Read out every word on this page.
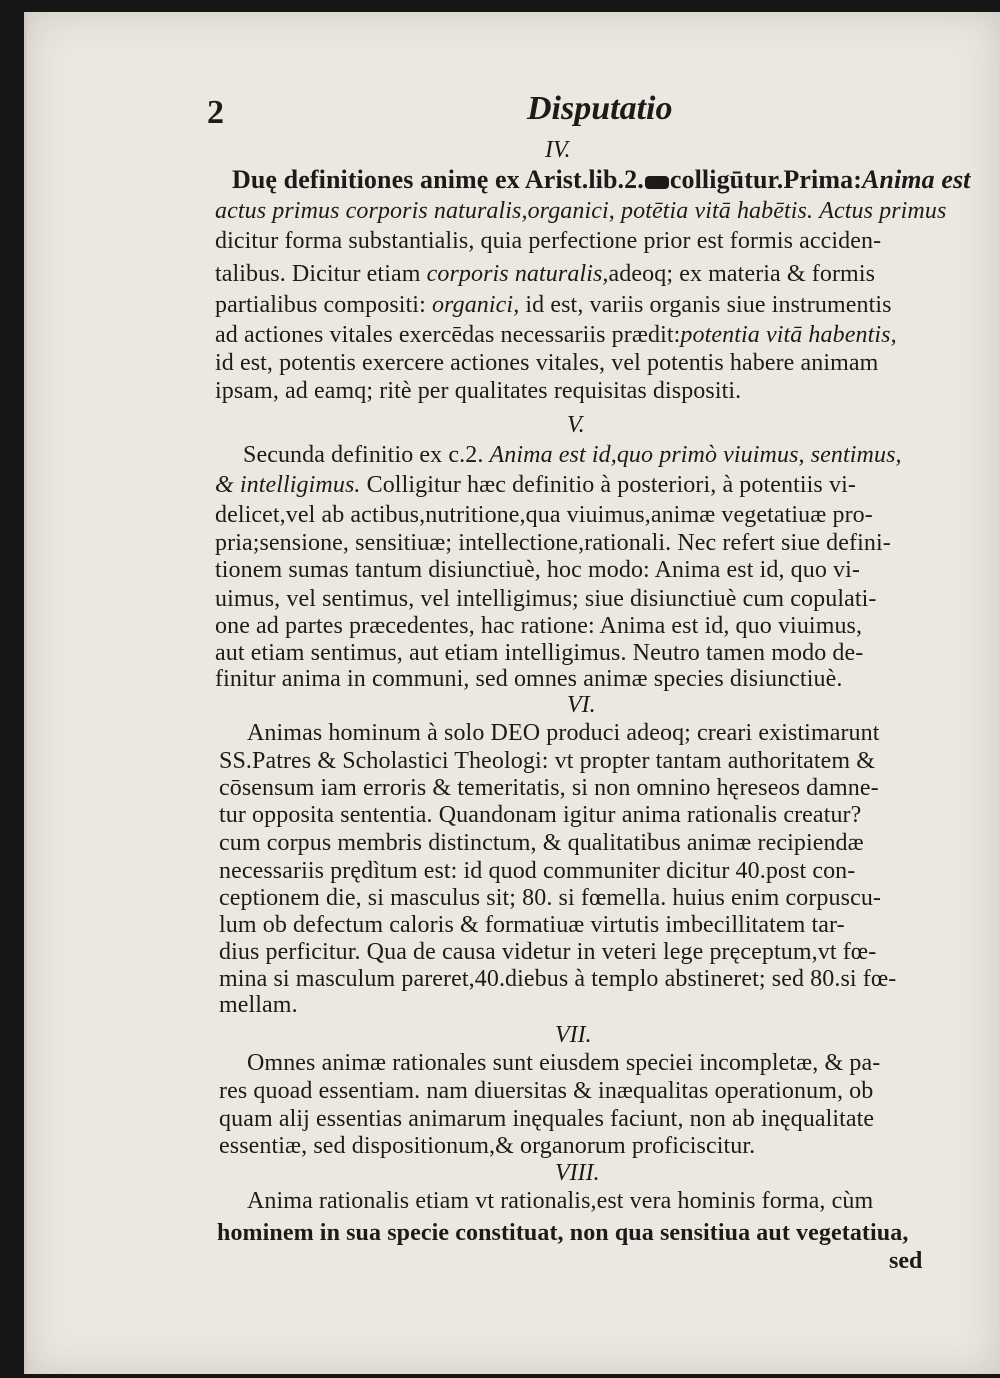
2	Disputatio
IV.
Duę definitiones animę ex Arist.lib.2. colligūtur.Prima:Anima est
actus primus corporis naturalis,organici, potētia vitā habētis. Actus primus
dicitur forma substantialis, quia perfectione prior est formis acciden-
talibus. Dicitur etiam corporis naturalis,adeoq; ex materia & formis
partialibus compositi: organici, id est, variis organis siue instrumentis
ad actiones vitales exercēdas necessariis prædit:potentia vitā habentis,
id est, potentis exercere actiones vitales, vel potentis habere animam
ipsam, ad eamq; ritè per qualitates requisitas dispositi.
V.
Secunda definitio ex c.2. Anima est id,quo primò viuimus, sentimus,
& intelligimus. Colligitur hæc definitio à posteriori, à potentiis vi-
delicet,vel ab actibus,nutritione,qua viuimus,animæ vegetatiuæ pro-
pria;sensione, sensitiuæ; intellectione,rationali. Nec refert siue defini-
tionem sumas tantum disiunctiuè, hoc modo: Anima est id, quo vi-
uimus, vel sentimus, vel intelligimus; siue disiunctiuè cum copulati-
one ad partes præcedentes, hac ratione: Anima est id, quo viuimus,
aut etiam sentimus, aut etiam intelligimus. Neutro tamen modo de-
finitur anima in communi, sed omnes animæ species disiunctiuè.
VI.
Animas hominum à solo DEO produci adeoq; creari existimarunt
SS.Patres & Scholastici Theologi: vt propter tantam authoritatem &
cōsensum iam erroris & temeritatis, si non omnino hęreseos damne-
tur opposita sententia. Quandonam igitur anima rationalis creatur?
cum corpus membris distinctum, & qualitatibus animæ recipiendæ
necessariis prędìtum est: id quod communiter dicitur 40.post con-
ceptionem die, si masculus sit; 80. si fœmella. huius enim corpuscu-
lum ob defectum caloris & formatiuæ virtutis imbecillitatem tar-
dius perficitur. Qua de causa videtur in veteri lege pręceptum,vt fœ-
mina si masculum pareret,40.diebus à templo abstineret; sed 80.si fœ-
mellam.
VII.
Omnes animæ rationales sunt eiusdem speciei incompletæ, & pa-
res quoad essentiam. nam diuersitas & inæqualitas operationum, ob
quam alij essentias animarum inęquales faciunt, non ab inęqualitate
essentiæ, sed dispositionum,& organorum proficiscitur.
VIII.
Anima rationalis etiam vt rationalis,est vera hominis forma, cùm
hominem in sua specie constituat, non qua sensitiua aut vegetatiua,
sed
